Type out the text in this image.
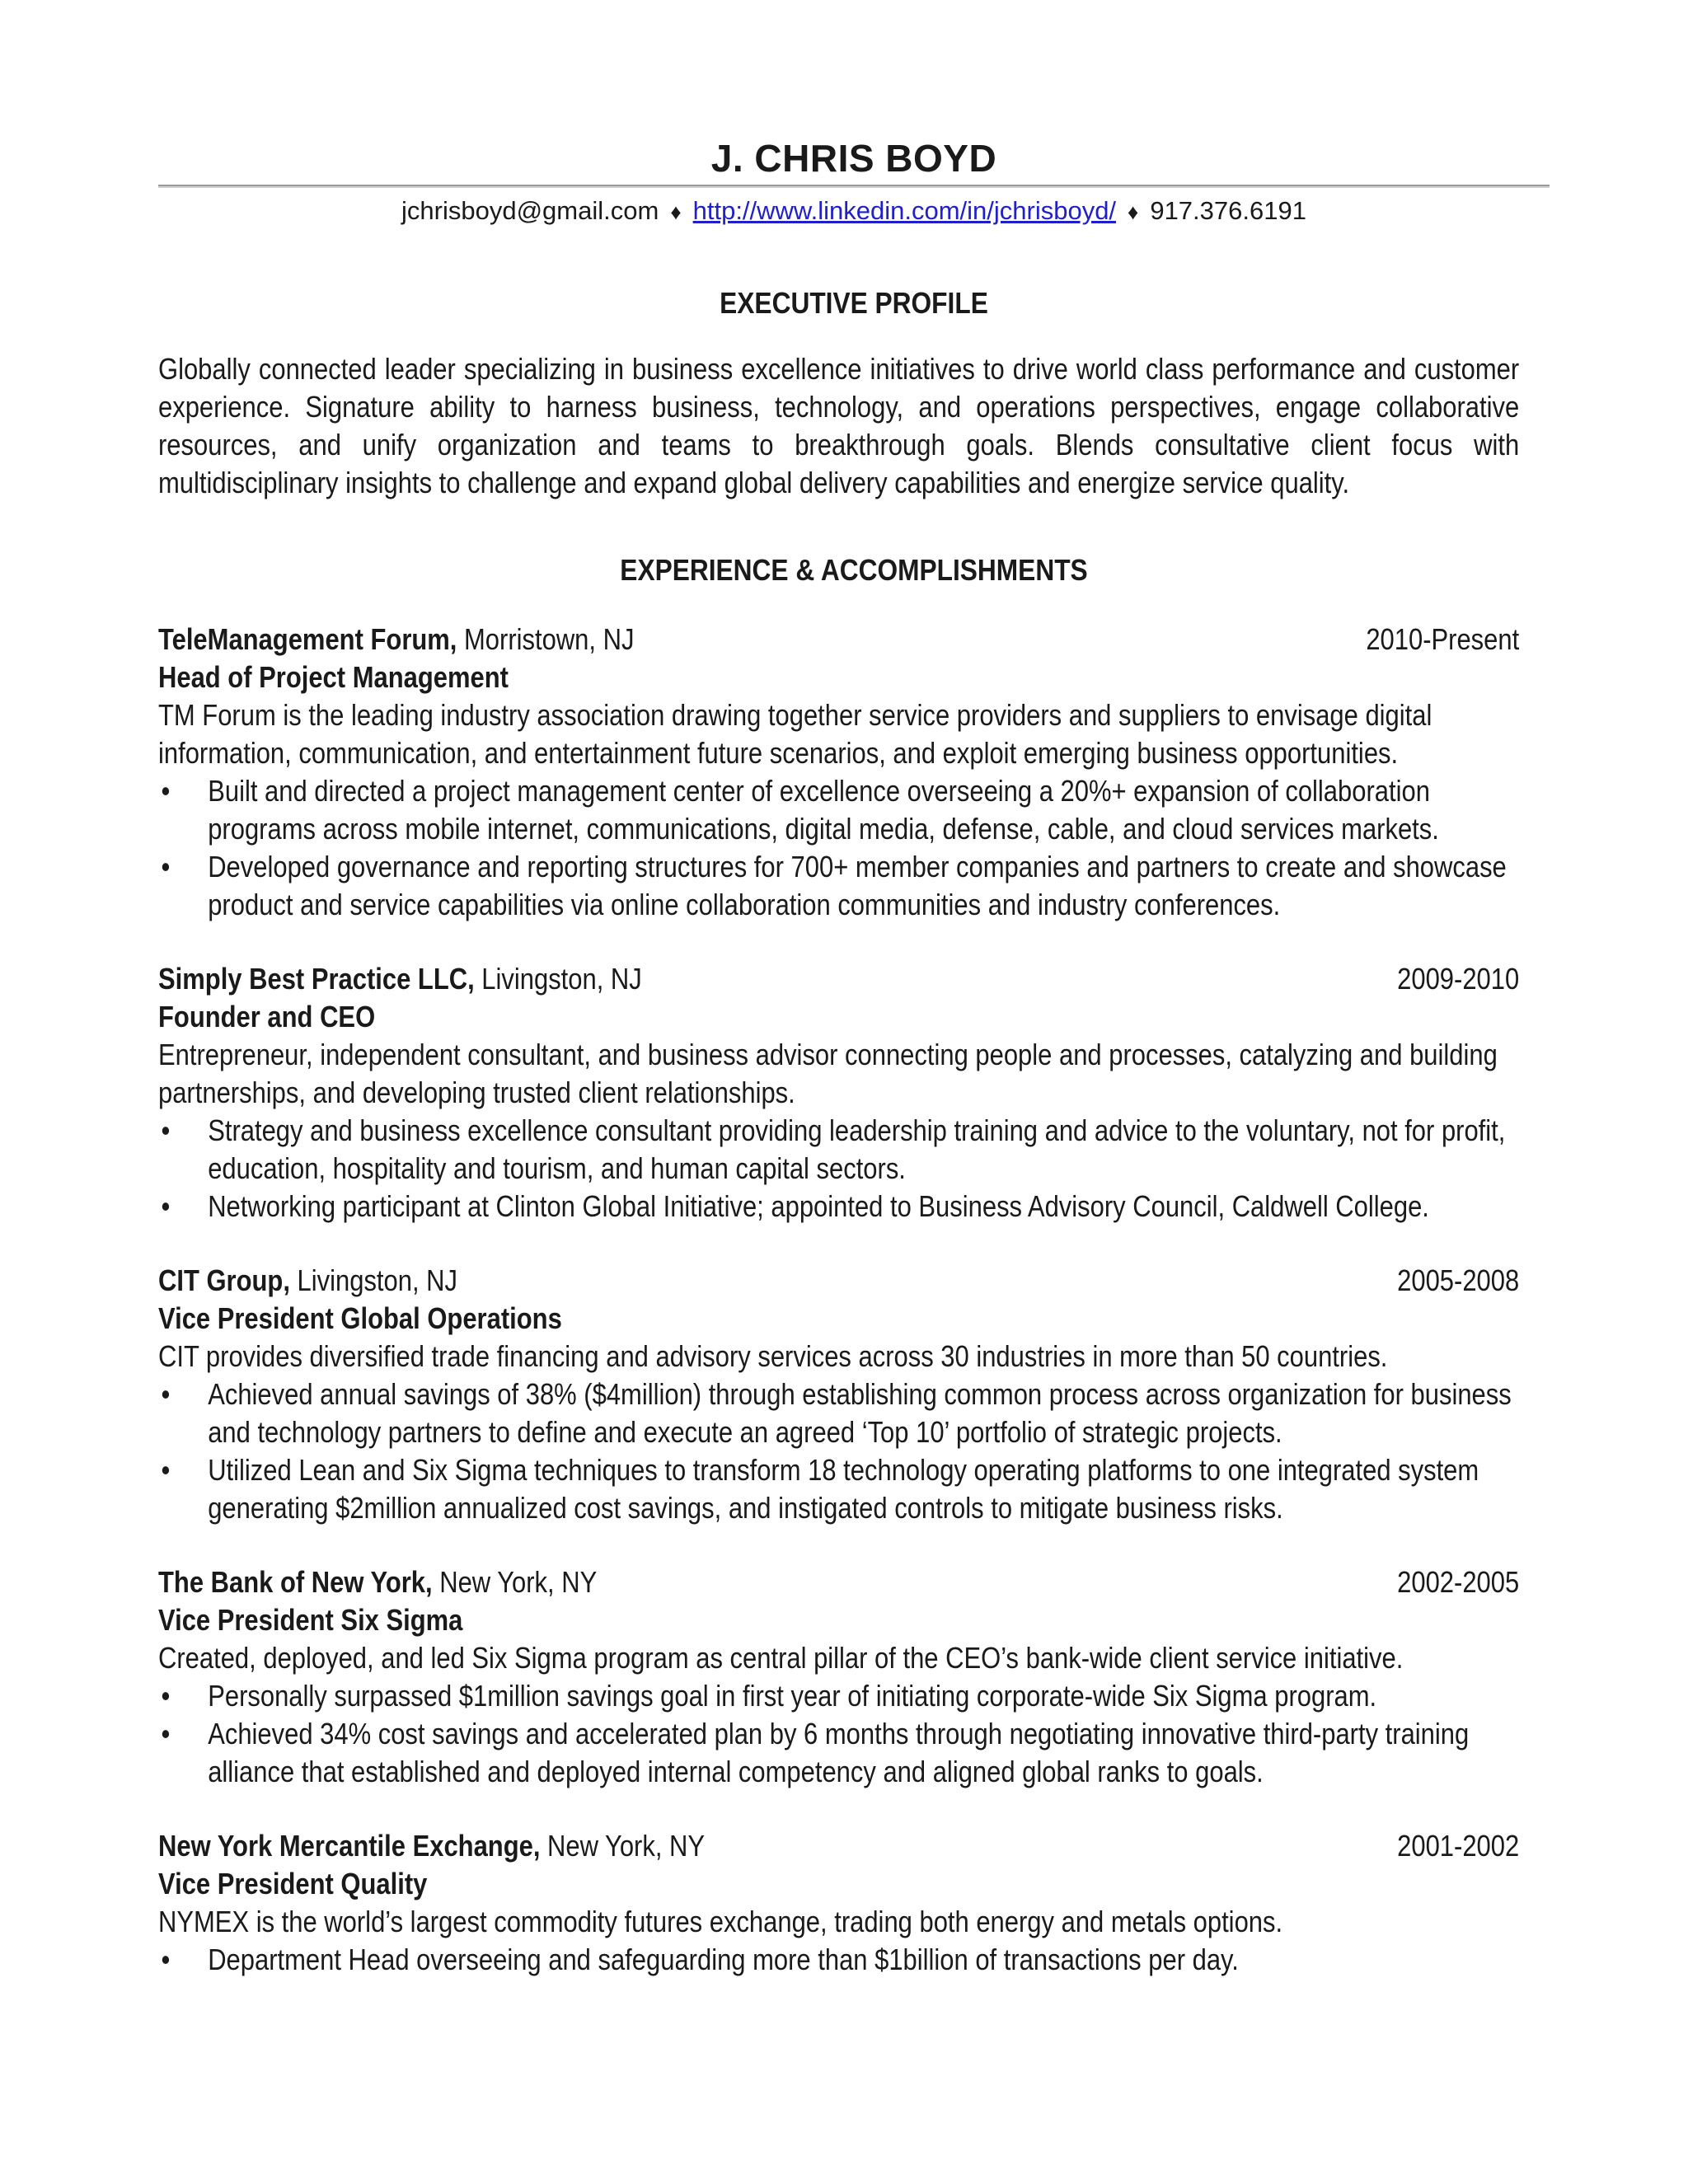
J. CHRIS BOYD
jchrisboyd@gmail.com ♦ http://www.linkedin.com/in/jchrisboyd/ ♦ 917.376.6191
EXECUTIVE PROFILE

Globally connected leader specializing in business excellence initiatives to drive world class performance and customer experience. Signature ability to harness business, technology, and operations perspectives, engage collaborative resources, and unify organization and teams to breakthrough goals. Blends consultative client focus with multidisciplinary insights to challenge and expand global delivery capabilities and energize service quality.

EXPERIENCE & ACCOMPLISHMENTS
TeleManagement Forum, Morristown, NJ	2010-Present
Head of Project Management
TM Forum is the leading industry association drawing together service providers and suppliers to envisage digital information, communication, and entertainment future scenarios, and exploit emerging business opportunities.
• Built and directed a project management center of excellence overseeing a 20%+ expansion of collaboration programs across mobile internet, communications, digital media, defense, cable, and cloud services markets.
• Developed governance and reporting structures for 700+ member companies and partners to create and showcase product and service capabilities via online collaboration communities and industry conferences.
Simply Best Practice LLC, Livingston, NJ	2009-2010
Founder and CEO
Entrepreneur, independent consultant, and business advisor connecting people and processes, catalyzing and building partnerships, and developing trusted client relationships.
• Strategy and business excellence consultant providing leadership training and advice to the voluntary, not for profit, education, hospitality and tourism, and human capital sectors.
• Networking participant at Clinton Global Initiative; appointed to Business Advisory Council, Caldwell College.
CIT Group, Livingston, NJ	2005-2008
Vice President Global Operations
CIT provides diversified trade financing and advisory services across 30 industries in more than 50 countries.
• Achieved annual savings of 38% ($4million) through establishing common process across organization for business and technology partners to define and execute an agreed ‘Top 10’ portfolio of strategic projects.
• Utilized Lean and Six Sigma techniques to transform 18 technology operating platforms to one integrated system generating $2million annualized cost savings, and instigated controls to mitigate business risks.
The Bank of New York, New York, NY	2002-2005
Vice President Six Sigma
Created, deployed, and led Six Sigma program as central pillar of the CEO’s bank-wide client service initiative.
• Personally surpassed $1million savings goal in first year of initiating corporate-wide Six Sigma program.
• Achieved 34% cost savings and accelerated plan by 6 months through negotiating innovative third-party training alliance that established and deployed internal competency and aligned global ranks to goals.
New York Mercantile Exchange, New York, NY	2001-2002
Vice President Quality
NYMEX is the world’s largest commodity futures exchange, trading both energy and metals options.
• Department Head overseeing and safeguarding more than $1billion of transactions per day.
